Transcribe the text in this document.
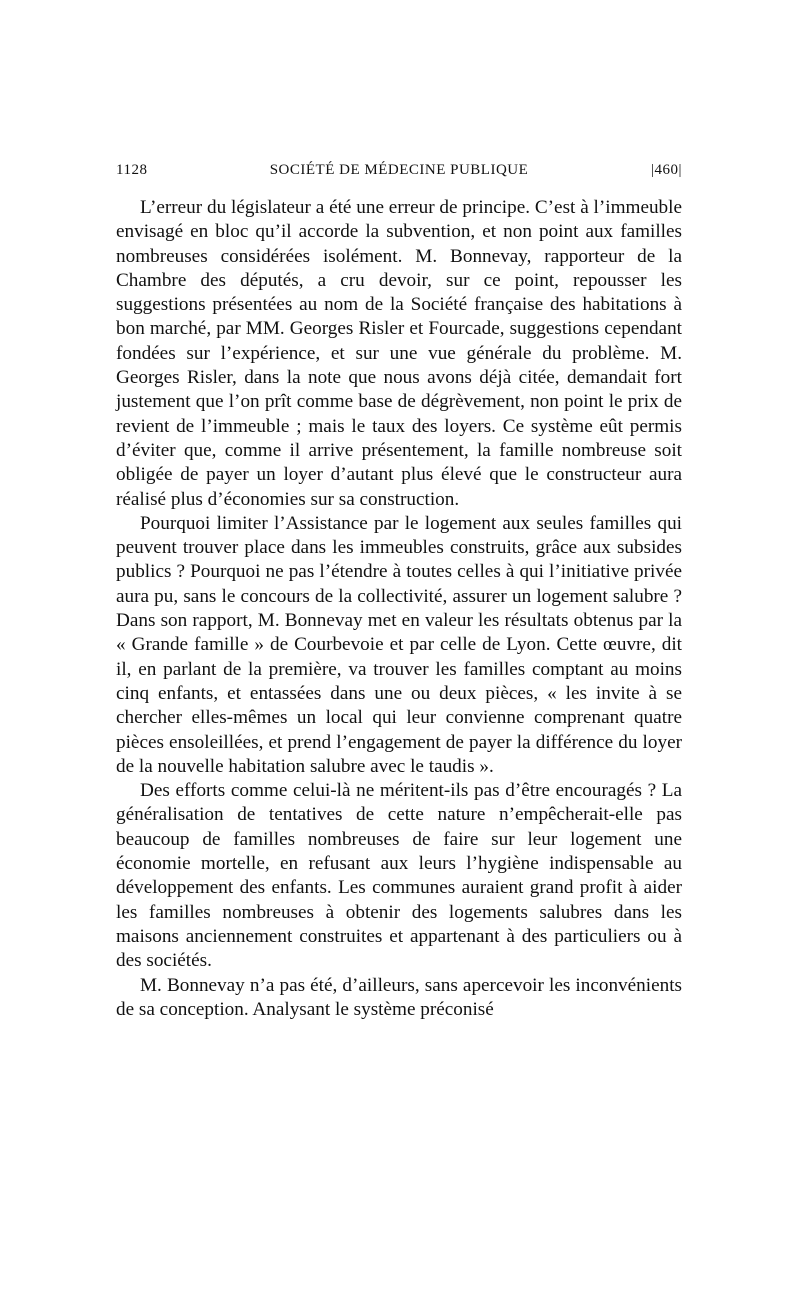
1128	SOCIÉTÉ DE MÉDECINE PUBLIQUE	|460|

L’erreur du législateur a été une erreur de principe. C’est à l’immeuble envisagé en bloc qu’il accorde la subvention, et non point aux familles nombreuses considérées isolément. M. Bonnevay, rapporteur de la Chambre des députés, a cru devoir, sur ce point, repousser les suggestions présentées au nom de la Société française des habitations à bon marché, par MM. Georges Risler et Fourcade, suggestions cependant fondées sur l’expérience, et sur une vue générale du problème. M. Georges Risler, dans la note que nous avons déjà citée, demandait fort justement que l’on prît comme base de dégrèvement, non point le prix de revient de l’immeuble ; mais le taux des loyers. Ce système eût permis d’éviter que, comme il arrive présentement, la famille nombreuse soit obligée de payer un loyer d’autant plus élevé que le constructeur aura réalisé plus d’économies sur sa construction.

Pourquoi limiter l’Assistance par le logement aux seules familles qui peuvent trouver place dans les immeubles construits, grâce aux subsides publics ? Pourquoi ne pas l’étendre à toutes celles à qui l’initiative privée aura pu, sans le concours de la collectivité, assurer un logement salubre ? Dans son rapport, M. Bonnevay met en valeur les résultats obtenus par la « Grande famille » de Courbevoie et par celle de Lyon. Cette œuvre, dit il, en parlant de la première, va trouver les familles comptant au moins cinq enfants, et entassées dans une ou deux pièces, « les invite à se chercher elles-mêmes un local qui leur convienne comprenant quatre pièces ensoleillées, et prend l’engagement de payer la différence du loyer de la nouvelle habitation salubre avec le taudis ».

Des efforts comme celui-là ne méritent-ils pas d’être encouragés ? La généralisation de tentatives de cette nature n’empêcherait-elle pas beaucoup de familles nombreuses de faire sur leur logement une économie mortelle, en refusant aux leurs l’hygiène indispensable au développement des enfants. Les communes auraient grand profit à aider les familles nombreuses à obtenir des logements salubres dans les maisons anciennement construites et appartenant à des particuliers ou à des sociétés.

M. Bonnevay n’a pas été, d’ailleurs, sans apercevoir les inconvénients de sa conception. Analysant le système préconisé
